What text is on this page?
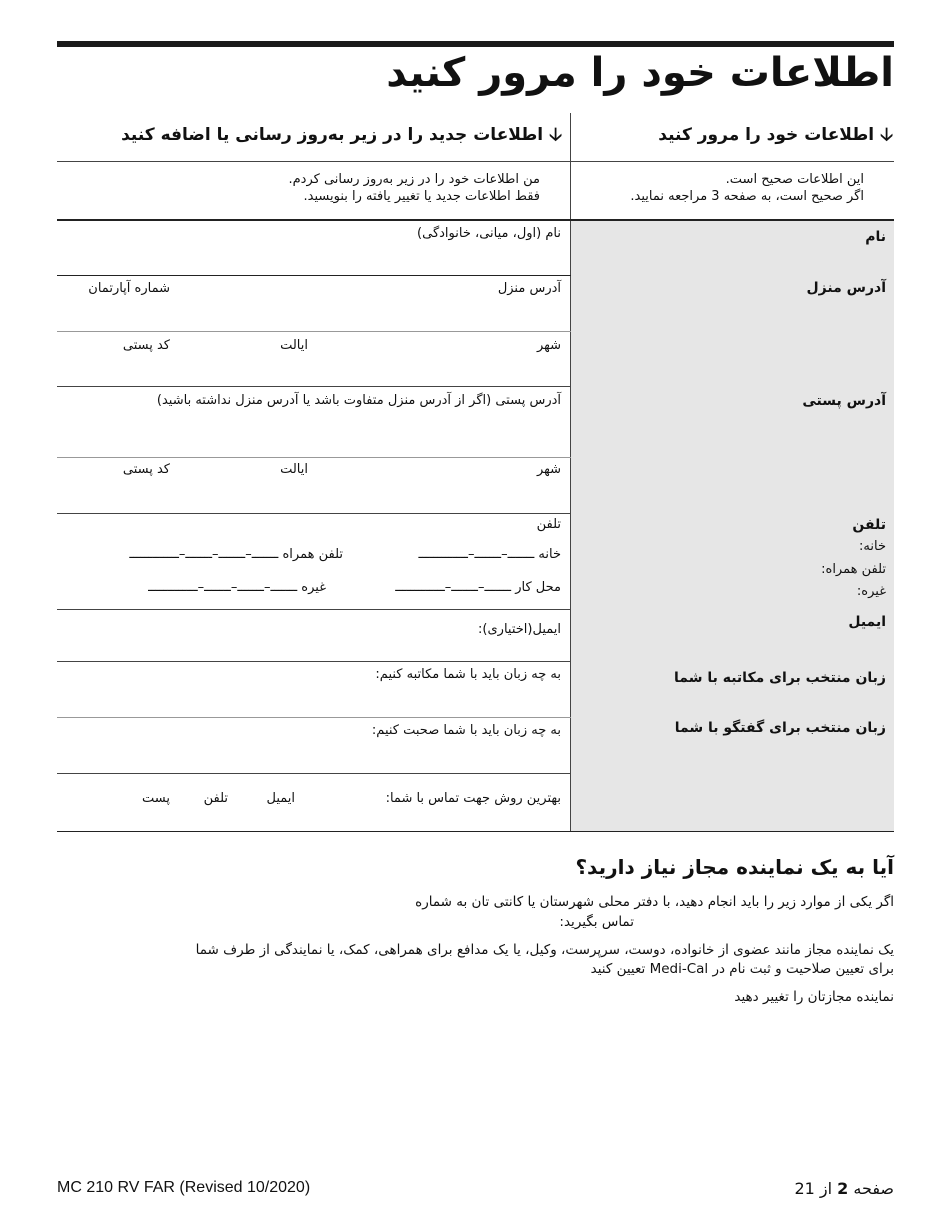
اطلاعات خود را مرور کنید
🡣اطلاعات خود را مرور کنید
🡣اطلاعات جدید را در زیر به‌روز رسانی یا اضافه کنید
من اطلاعات خود را در زیر به‌روز رسانی کردم.
فقط اطلاعات جدید یا تغییر یافته را بنویسید.
این اطلاعات صحیح است.
اگر صحیح است، به صفحه 3 مراجعه نمایید.
نام
آدرس منزل
آدرس پستی
تلفن
خانه:
تلفن همراه:
غیره:
ایمیل
زبان منتخب برای مکاتبه با شما
زبان منتخب برای گفتگو با شما
نام (اول، میانی، خانوادگی)
آدرس منزل
شماره آپارتمان
شهر
ایالت
کد پستی
آدرس پستی (اگر از آدرس منزل متفاوت باشد یا آدرس منزل نداشته باشید)
شهر
ایالت
کد پستی
تلفن
خانه ـــــــ–ـــــــ–ـــــــــــــ
تلفن همراه ـــــــ–ـــــــ–ـــــــ–ـــــــــــــ
محل کار ـــــــ–ـــــــ–ـــــــــــــ
غیره ـــــــ–ـــــــ–ـــــــ–ـــــــــــــ
ایمیل(اختیاری):
به چه زبان باید با شما مکاتبه کنیم:
به چه زبان باید با شما صحبت کنیم:
بهترین روش جهت تماس با شما:
ایمیل
تلفن
پست
آیا به یک نماینده مجاز نیاز دارید؟
اگر یکی از موارد زیر را باید انجام دهید، با دفتر محلی شهرستان یا کانتی تان به شماره
تماس بگیرید:
یک نماینده مجاز مانند عضوی از خانواده، دوست، سرپرست، وکیل، یا یک مدافع برای همراهی، کمک، یا نمایندگی از طرف شما
برای تعیین صلاحیت و ثبت نام در Medi-Cal تعیین کنید
نماینده مجازتان را تغییر دهید
MC 210 RV FAR (Revised 10/2020)	صفحه 2 از 21
